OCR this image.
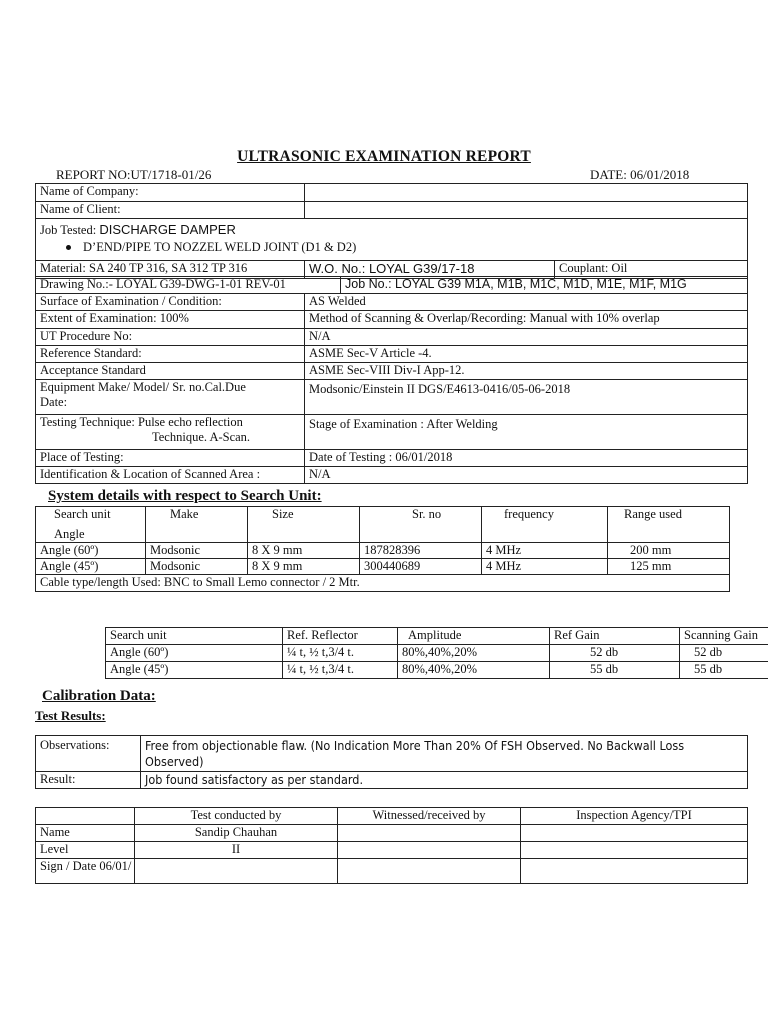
ULTRASONIC EXAMINATION REPORT
REPORT NO:UT/1718-01/26	DATE: 06/01/2018
Name of Company:		
Name of Client:		

Job Tested: DISCHARGE DAMPER
D’END/PIPE TO NOZZEL WELD JOINT (D1 & D2)		

Material: SA 240 TP 316, SA 312 TP 316	W.O. No.: LOYAL G39/17-18	Couplant: Oil
Drawing No.:- LOYAL G39-DWG-1-01 REV-01	Job No.: LOYAL G39 M1A, M1B, M1C, M1D, M1E, M1F, M1G
Surface of Examination / Condition:	AS Welded
Extent of Examination: 100%	Method of Scanning & Overlap/Recording: Manual with 10% overlap
UT Procedure No:	N/A
Reference Standard:	ASME Sec-V Article -4.
Acceptance Standard	ASME Sec-VIII Div-I App-12.

Equipment Make/ Model/ Sr. no.Cal.Due
Date:	Modsonic/Einstein II DGS/E4613-0416/05-06-2018

Testing Technique: Pulse echo reflection
Technique. A-Scan.	Stage of Examination : After Welding
Place of Testing:	Date of Testing : 06/01/2018
Identification & Location of Scanned Area :	N/A
System details with respect to Search Unit:
Search unit
Angle	Make	Size	Sr. no	frequency	Range used
Angle (60º)	Modsonic	8 X 9 mm	187828396	4 MHz	200 mm
Angle (45º)	Modsonic	8 X 9 mm	300440689	4 MHz	125 mm
Cable type/length Used: BNC to Small Lemo connector / 2 Mtr.					
Search unit	Ref. Reflector	Amplitude	Ref Gain	Scanning Gain
Angle (60º)	¼ t, ½ t,3/4 t.	80%,40%,20%	52 db	52 db
Angle (45º)	¼ t, ½ t,3/4 t.	80%,40%,20%	55 db	55 db
Calibration Data:
Test Results:
Observations:	Free from objectionable flaw. (No Indication More Than 20% Of FSH Observed. No Backwall Loss Observed)
Result:	Job found satisfactory as per standard.
	Test conducted by	Witnessed/received by	Inspection Agency/TPI
Name	Sandip Chauhan		
Level	II		
Sign / Date 06/01/			
